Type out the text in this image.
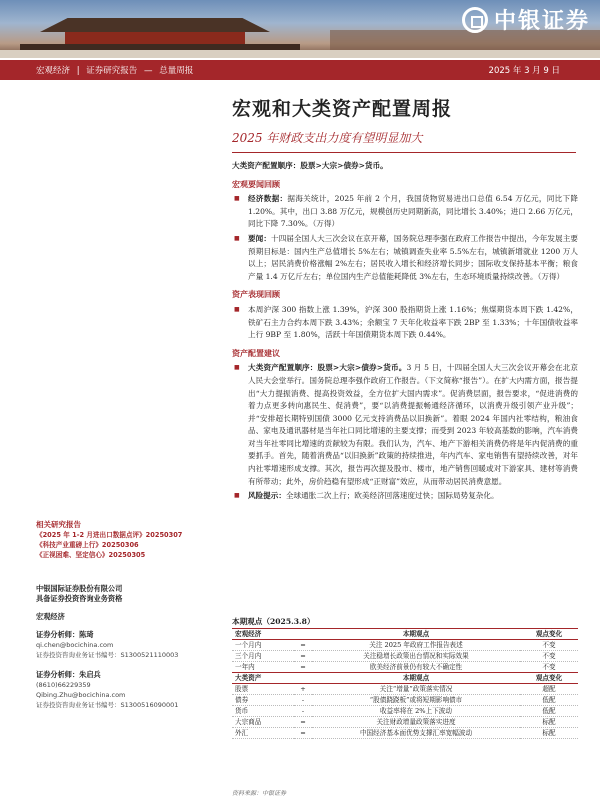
中银证券
宏观经济 | 证券研究报告 — 总量周报	2025 年 3 月 9 日
宏观和大类资产配置周报
2025 年财政支出力度有望明显加大
大类资产配置顺序：股票>大宗>债券>货币。
宏观要闻回顾
■ 经济数据：据海关统计，2025 年前 2 个月，我国货物贸易进出口总值 6.54 万亿元，同比下降 1.20%。其中，出口 3.88 万亿元，规模创历史同期新高，同比增长 3.40%；进口 2.66 万亿元，同比下降 7.30%。（万得）
■ 要闻：十四届全国人大三次会议在京开幕，国务院总理李强在政府工作报告中提出，今年发展主要预期目标是：国内生产总值增长 5%左右；城镇调查失业率 5.5%左右，城镇新增就业 1200 万人以上；居民消费价格涨幅 2%左右；居民收入增长和经济增长同步；国际收支保持基本平衡；粮食产量 1.4 万亿斤左右；单位国内生产总值能耗降低 3%左右，生态环境质量持续改善。（万得）
资产表现回顾
■ 本周沪深 300 指数上涨 1.39%，沪深 300 股指期货上涨 1.16%；焦煤期货本周下跌 1.42%，铁矿石主力合约本周下跌 3.43%；余额宝 7 天年化收益率下跌 2BP 至 1.33%；十年国债收益率上行 9BP 至 1.80%，活跃十年国债期货本周下跌 0.44%。
资产配置建议
■ 大类资产配置顺序：股票>大宗>债券>货币。3 月 5 日，十四届全国人大三次会议开幕会在北京人民大会堂举行。国务院总理李强作政府工作报告。（下文简称“报告”）。在扩大内需方面，报告提出“大力提振消费、提高投资效益，全方位扩大国内需求”。促消费层面，报告要求，“促进消费的着力点更多转向惠民生、促消费”，要“以消费提振畅通经济循环，以消费升级引领产业升级”；并“安排超长期特别国债 3000 亿元支持消费品以旧换新”。着眼 2024 年国内社零结构，粮油食品、家电及通讯器材是当年社口同比增速的主要支撑；而受到 2023 年较高基数的影响，汽车消费对当年社零同比增速的贡献较为有限。我们认为，汽车、地产下游相关消费仍将是年内促消费的重要抓手。首先，随着消费品“以旧换新”政策的持续推进，年内汽车、家电销售有望持续改善，对年内社零增速形成支撑。其次，报告再次提及股市、楼市，地产销售回暖或对下游家具、建材等消费有所带动；此外，房价趋稳有望形成“正财富”效应，从而带动居民消费意愿。
■ 风险提示：全球通胀二次上行；欧美经济回落速度过快；国际局势复杂化。
相关研究报告
《2025 年 1-2 月进出口数据点评》20250307
《科技产业重磅上行》20250306
《正视困难、坚定信心》20250305
中银国际证券股份有限公司
具备证券投资咨询业务资格
宏观经济
证券分析师：陈琦
qi.chen@bocichina.com
证券投资咨询业务证书编号：S1300521110003
证券分析师：朱启兵
(8610)66229359
Qibing.Zhu@bocichina.com
证券投资咨询业务证书编号：S1300516090001
本期观点（2025.3.8）
宏观经济		本期观点	观点变化
一个月内	=	关注 2025 年政府工作报告表述	不变
三个月内	=	关注稳增长政策出台情况和实际效果	不变
一年内	=	欧美经济前景仍有较大不确定性	不变
大类资产		本期观点	观点变化
股票	+	关注“增量”政策落实情况	超配
债券	-	“股债跷跷板”或将短期影响债市	低配
货币	-	收益率将在 2%上下波动	低配
大宗商品	=	关注财政增量政策落实进度	标配
外汇	=	中国经济基本面优势支撑汇率宽幅波动	标配
资料来源：中银证券
